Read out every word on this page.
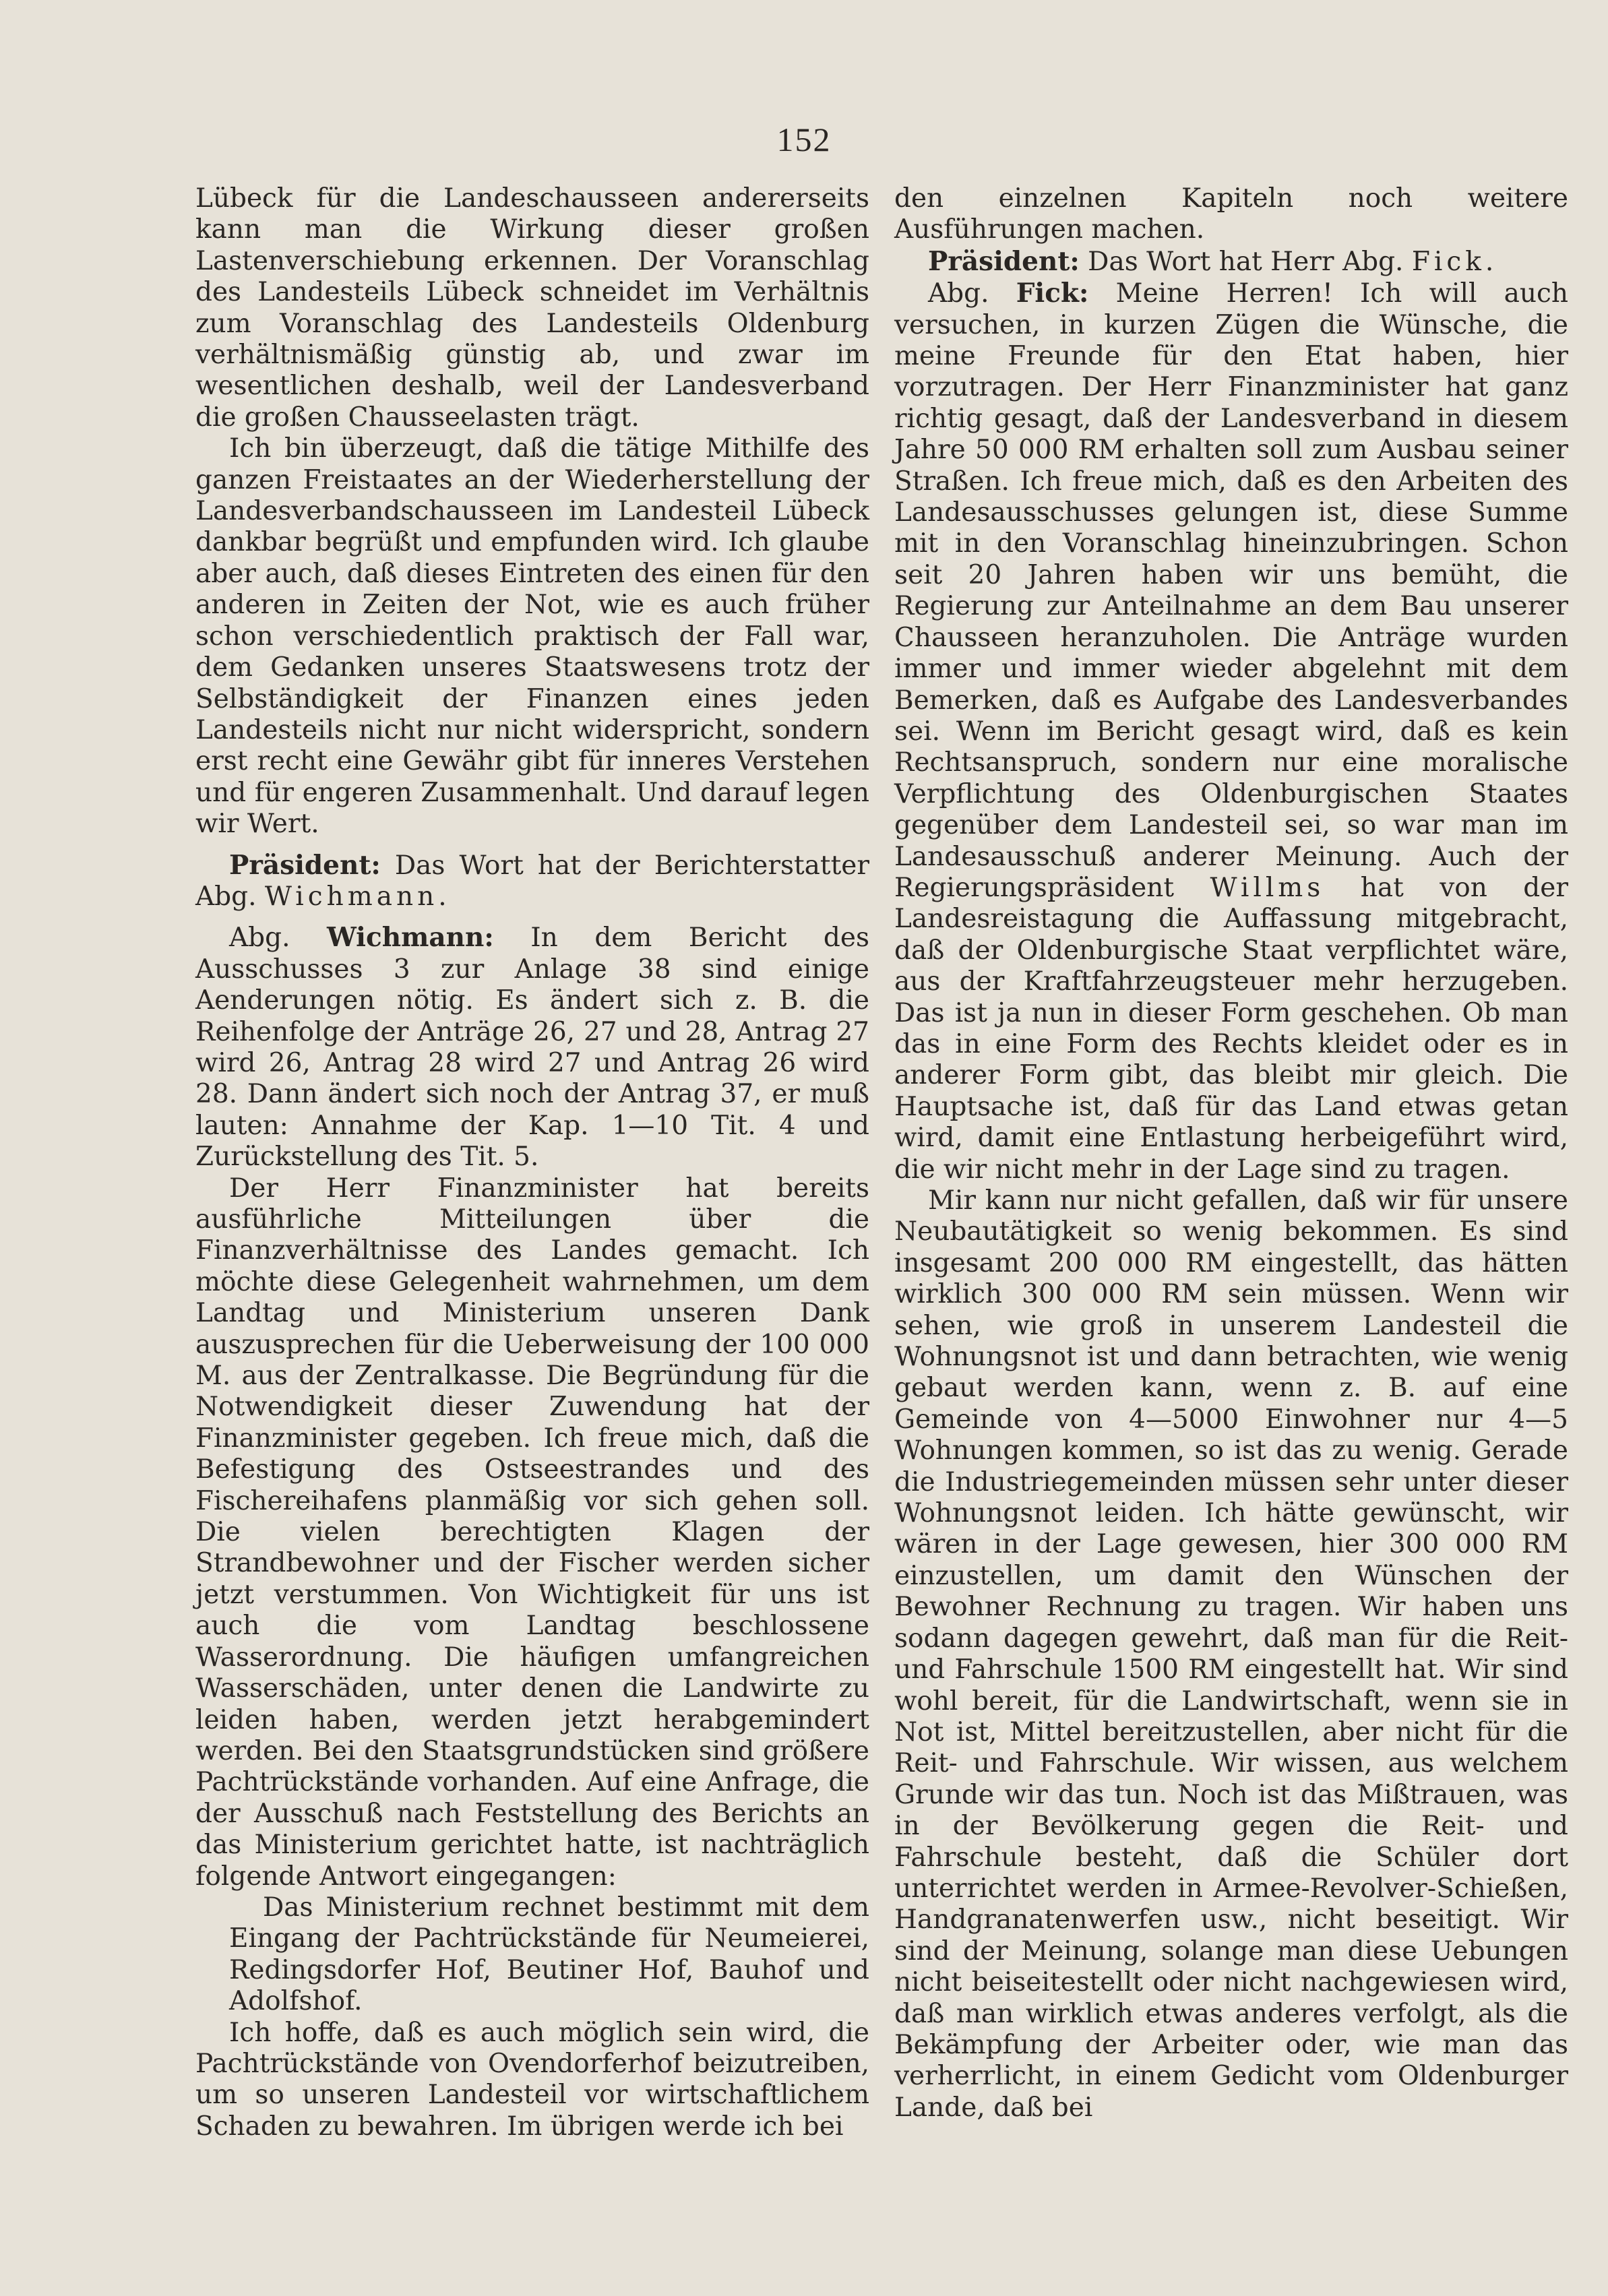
152

Lübeck für die Landeschausseen andererseits kann man die Wirkung dieser großen Lastenverschiebung erkennen. Der Voranschlag des Landesteils Lübeck schneidet im Verhältnis zum Voranschlag des Landesteils Oldenburg verhältnismäßig günstig ab, und zwar im wesentlichen deshalb, weil der Landesverband die großen Chausseelasten trägt.

Ich bin überzeugt, daß die tätige Mithilfe des ganzen Freistaates an der Wiederherstellung der Landesverbandschausseen im Landesteil Lübeck dankbar begrüßt und empfunden wird. Ich glaube aber auch, daß dieses Eintreten des einen für den anderen in Zeiten der Not, wie es auch früher schon verschiedentlich praktisch der Fall war, dem Gedanken unseres Staatswesens trotz der Selbständigkeit der Finanzen eines jeden Landesteils nicht nur nicht widerspricht, sondern erst recht eine Gewähr gibt für inneres Verstehen und für engeren Zusammenhalt. Und darauf legen wir Wert.

Präsident: Das Wort hat der Berichterstatter Abg. Wichmann.

Abg. Wichmann: In dem Bericht des Ausschusses 3 zur Anlage 38 sind einige Aenderungen nötig. Es ändert sich z. B. die Reihenfolge der Anträge 26, 27 und 28, Antrag 27 wird 26, Antrag 28 wird 27 und Antrag 26 wird 28. Dann ändert sich noch der Antrag 37, er muß lauten: Annahme der Kap. 1—10 Tit. 4 und Zurückstellung des Tit. 5.

Der Herr Finanzminister hat bereits ausführliche Mitteilungen über die Finanzverhältnisse des Landes gemacht. Ich möchte diese Gelegenheit wahrnehmen, um dem Landtag und Ministerium unseren Dank auszusprechen für die Ueberweisung der 100 000 M. aus der Zentralkasse. Die Begründung für die Notwendigkeit dieser Zuwendung hat der Finanzminister gegeben. Ich freue mich, daß die Befestigung des Ostseestrandes und des Fischereihafens planmäßig vor sich gehen soll. Die vielen berechtigten Klagen der Strandbewohner und der Fischer werden sicher jetzt verstummen. Von Wichtigkeit für uns ist auch die vom Landtag beschlossene Wasserordnung. Die häufigen umfangreichen Wasserschäden, unter denen die Landwirte zu leiden haben, werden jetzt herabgemindert werden. Bei den Staatsgrundstücken sind größere Pachtrückstände vorhanden. Auf eine Anfrage, die der Ausschuß nach Feststellung des Berichts an das Ministerium gerichtet hatte, ist nachträglich folgende Antwort eingegangen:

Das Ministerium rechnet bestimmt mit dem Eingang der Pachtrückstände für Neumeierei, Redingsdorfer Hof, Beutiner Hof, Bauhof und Adolfshof.

Ich hoffe, daß es auch möglich sein wird, die Pachtrückstände von Ovendorferhof beizutreiben, um so unseren Landesteil vor wirtschaftlichem Schaden zu bewahren. Im übrigen werde ich bei

den einzelnen Kapiteln noch weitere Ausführungen machen.

Präsident: Das Wort hat Herr Abg. Fick.

Abg. Fick: Meine Herren! Ich will auch versuchen, in kurzen Zügen die Wünsche, die meine Freunde für den Etat haben, hier vorzutragen. Der Herr Finanzminister hat ganz richtig gesagt, daß der Landesverband in diesem Jahre 50 000 RM erhalten soll zum Ausbau seiner Straßen. Ich freue mich, daß es den Arbeiten des Landesausschusses gelungen ist, diese Summe mit in den Voranschlag hineinzubringen. Schon seit 20 Jahren haben wir uns bemüht, die Regierung zur Anteilnahme an dem Bau unserer Chausseen heranzuholen. Die Anträge wurden immer und immer wieder abgelehnt mit dem Bemerken, daß es Aufgabe des Landesverbandes sei. Wenn im Bericht gesagt wird, daß es kein Rechtsanspruch, sondern nur eine moralische Verpflichtung des Oldenburgischen Staates gegenüber dem Landesteil sei, so war man im Landesausschuß anderer Meinung. Auch der Regierungspräsident Willms hat von der Landesreistagung die Auffassung mitgebracht, daß der Oldenburgische Staat verpflichtet wäre, aus der Kraftfahrzeugsteuer mehr herzugeben. Das ist ja nun in dieser Form geschehen. Ob man das in eine Form des Rechts kleidet oder es in anderer Form gibt, das bleibt mir gleich. Die Hauptsache ist, daß für das Land etwas getan wird, damit eine Entlastung herbeigeführt wird, die wir nicht mehr in der Lage sind zu tragen.

Mir kann nur nicht gefallen, daß wir für unsere Neubautätigkeit so wenig bekommen. Es sind insgesamt 200 000 RM eingestellt, das hätten wirklich 300 000 RM sein müssen. Wenn wir sehen, wie groß in unserem Landesteil die Wohnungsnot ist und dann betrachten, wie wenig gebaut werden kann, wenn z. B. auf eine Gemeinde von 4—5000 Einwohner nur 4—5 Wohnungen kommen, so ist das zu wenig. Gerade die Industriegemeinden müssen sehr unter dieser Wohnungsnot leiden. Ich hätte gewünscht, wir wären in der Lage gewesen, hier 300 000 RM einzustellen, um damit den Wünschen der Bewohner Rechnung zu tragen. Wir haben uns sodann dagegen gewehrt, daß man für die Reit- und Fahrschule 1500 RM eingestellt hat. Wir sind wohl bereit, für die Landwirtschaft, wenn sie in Not ist, Mittel bereitzustellen, aber nicht für die Reit- und Fahrschule. Wir wissen, aus welchem Grunde wir das tun. Noch ist das Mißtrauen, was in der Bevölkerung gegen die Reit- und Fahrschule besteht, daß die Schüler dort unterrichtet werden in Armee-Revolver-Schießen, Handgranatenwerfen usw., nicht beseitigt. Wir sind der Meinung, solange man diese Uebungen nicht beiseitestellt oder nicht nachgewiesen wird, daß man wirklich etwas anderes verfolgt, als die Bekämpfung der Arbeiter oder, wie man das verherrlicht, in einem Gedicht vom Oldenburger Lande, daß bei
